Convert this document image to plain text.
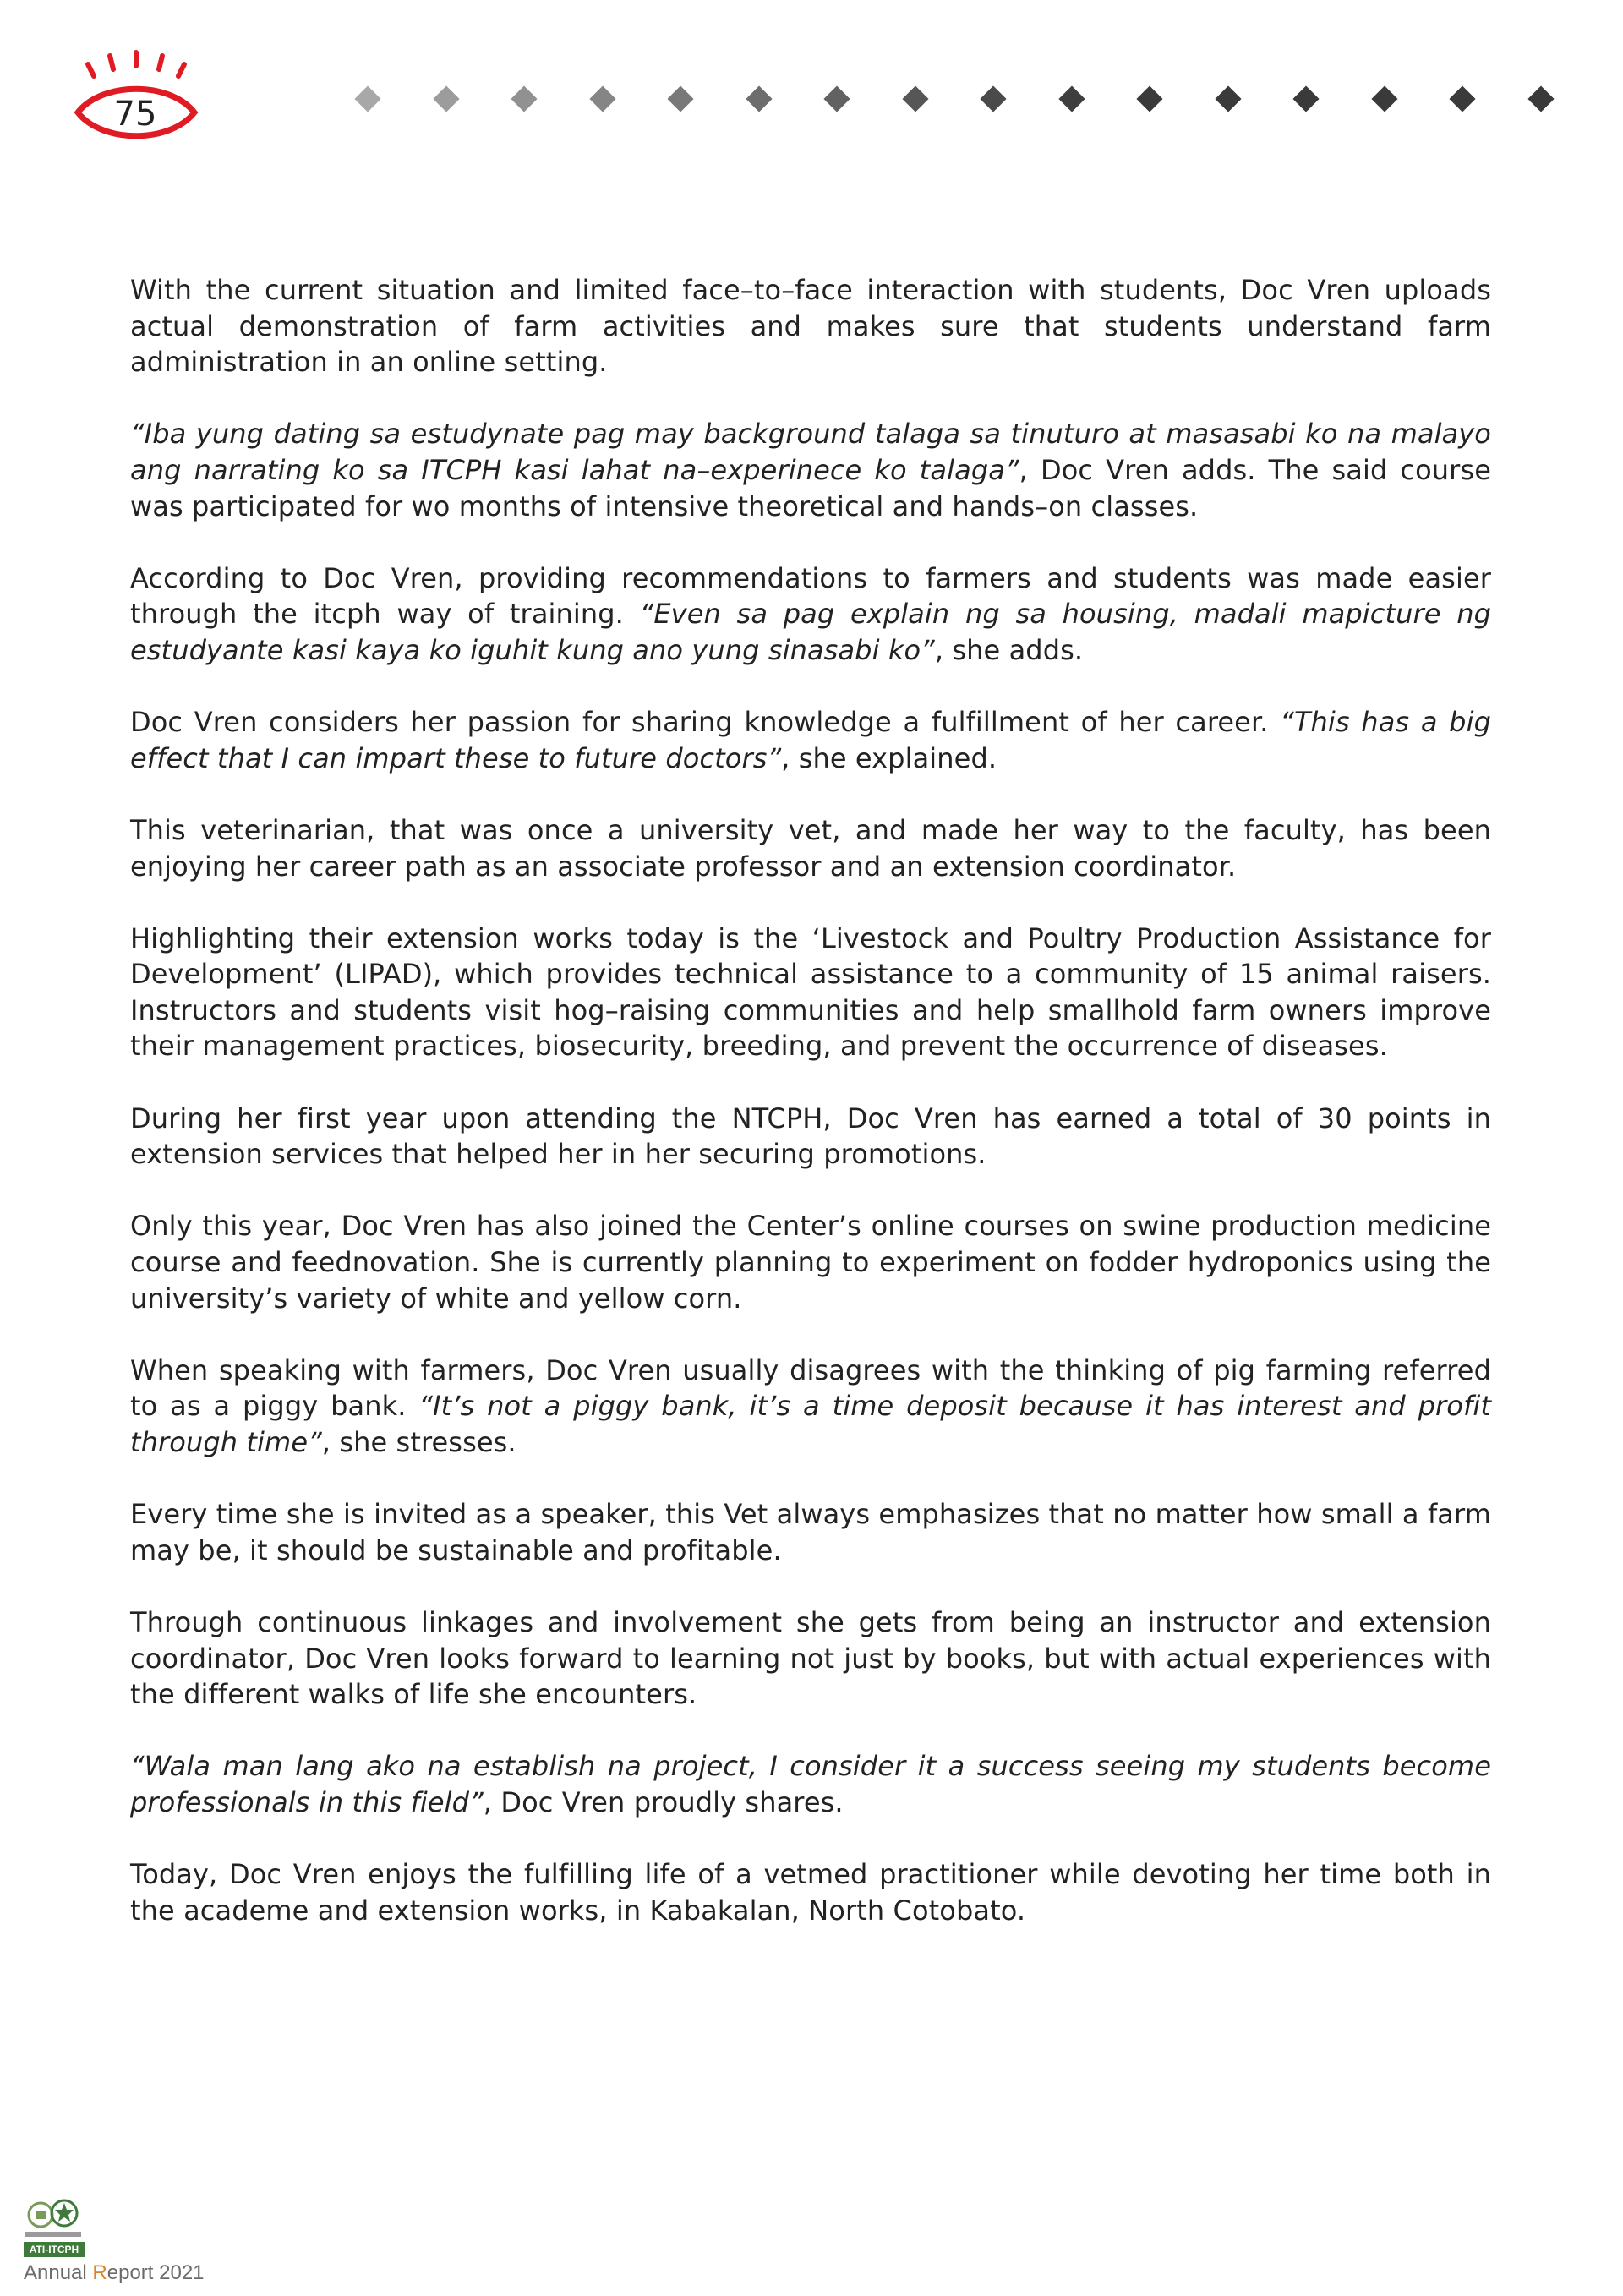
75

With the current situation and limited face–to–face interaction with students, Doc Vren uploads actual demonstration of farm activities and makes sure that students understand farm administration in an online setting.

“Iba yung dating sa estudynate pag may background talaga sa tinuturo at masasabi ko na malayo ang narrating ko sa ITCPH kasi lahat na–experinece ko talaga”, Doc Vren adds. The said course was participated for wo months of intensive theoretical and hands–on classes.

According to Doc Vren, providing recommendations to farmers and students was made easier through the itcph way of training. “Even sa pag explain ng sa housing, madali mapicture ng estudyante kasi kaya ko iguhit kung ano yung sinasabi ko”, she adds.

Doc Vren considers her passion for sharing knowledge a fulfillment of her career. “This has a big effect that I can impart these to future doctors”, she explained.

This veterinarian, that was once a university vet, and made her way to the faculty, has been enjoying her career path as an associate professor and an extension coordinator.

Highlighting their extension works today is the ‘Livestock and Poultry Production Assistance for Development’ (LIPAD), which provides technical assistance to a community of 15 animal raisers. Instructors and students visit hog–raising communities and help smallhold farm owners improve their management practices, biosecurity, breeding, and prevent the occurrence of diseases.

During her first year upon attending the NTCPH, Doc Vren has earned a total of 30 points in extension services that helped her in her securing promotions.

Only this year, Doc Vren has also joined the Center’s online courses on swine production medicine course and feednovation. She is currently planning to experiment on fodder hydroponics using the university’s variety of white and yellow corn.

When speaking with farmers, Doc Vren usually disagrees with the thinking of pig farming referred to as a piggy bank. “It’s not a piggy bank, it’s a time deposit because it has interest and profit through time”, she stresses.

Every time she is invited as a speaker, this Vet always emphasizes that no matter how small a farm may be, it should be sustainable and profitable.

Through continuous linkages and involvement she gets from being an instructor and extension coordinator, Doc Vren looks forward to learning not just by books, but with actual experiences with the different walks of life she encounters.

“Wala man lang ako na establish na project, I consider it a success seeing my students become professionals in this field”, Doc Vren proudly shares.

Today, Doc Vren enjoys the fulfilling life of a vetmed practitioner while devoting her time both in the academe and extension works, in Kabakalan, North Cotobato.

ATI-ITCPH
Annual Report 2021
